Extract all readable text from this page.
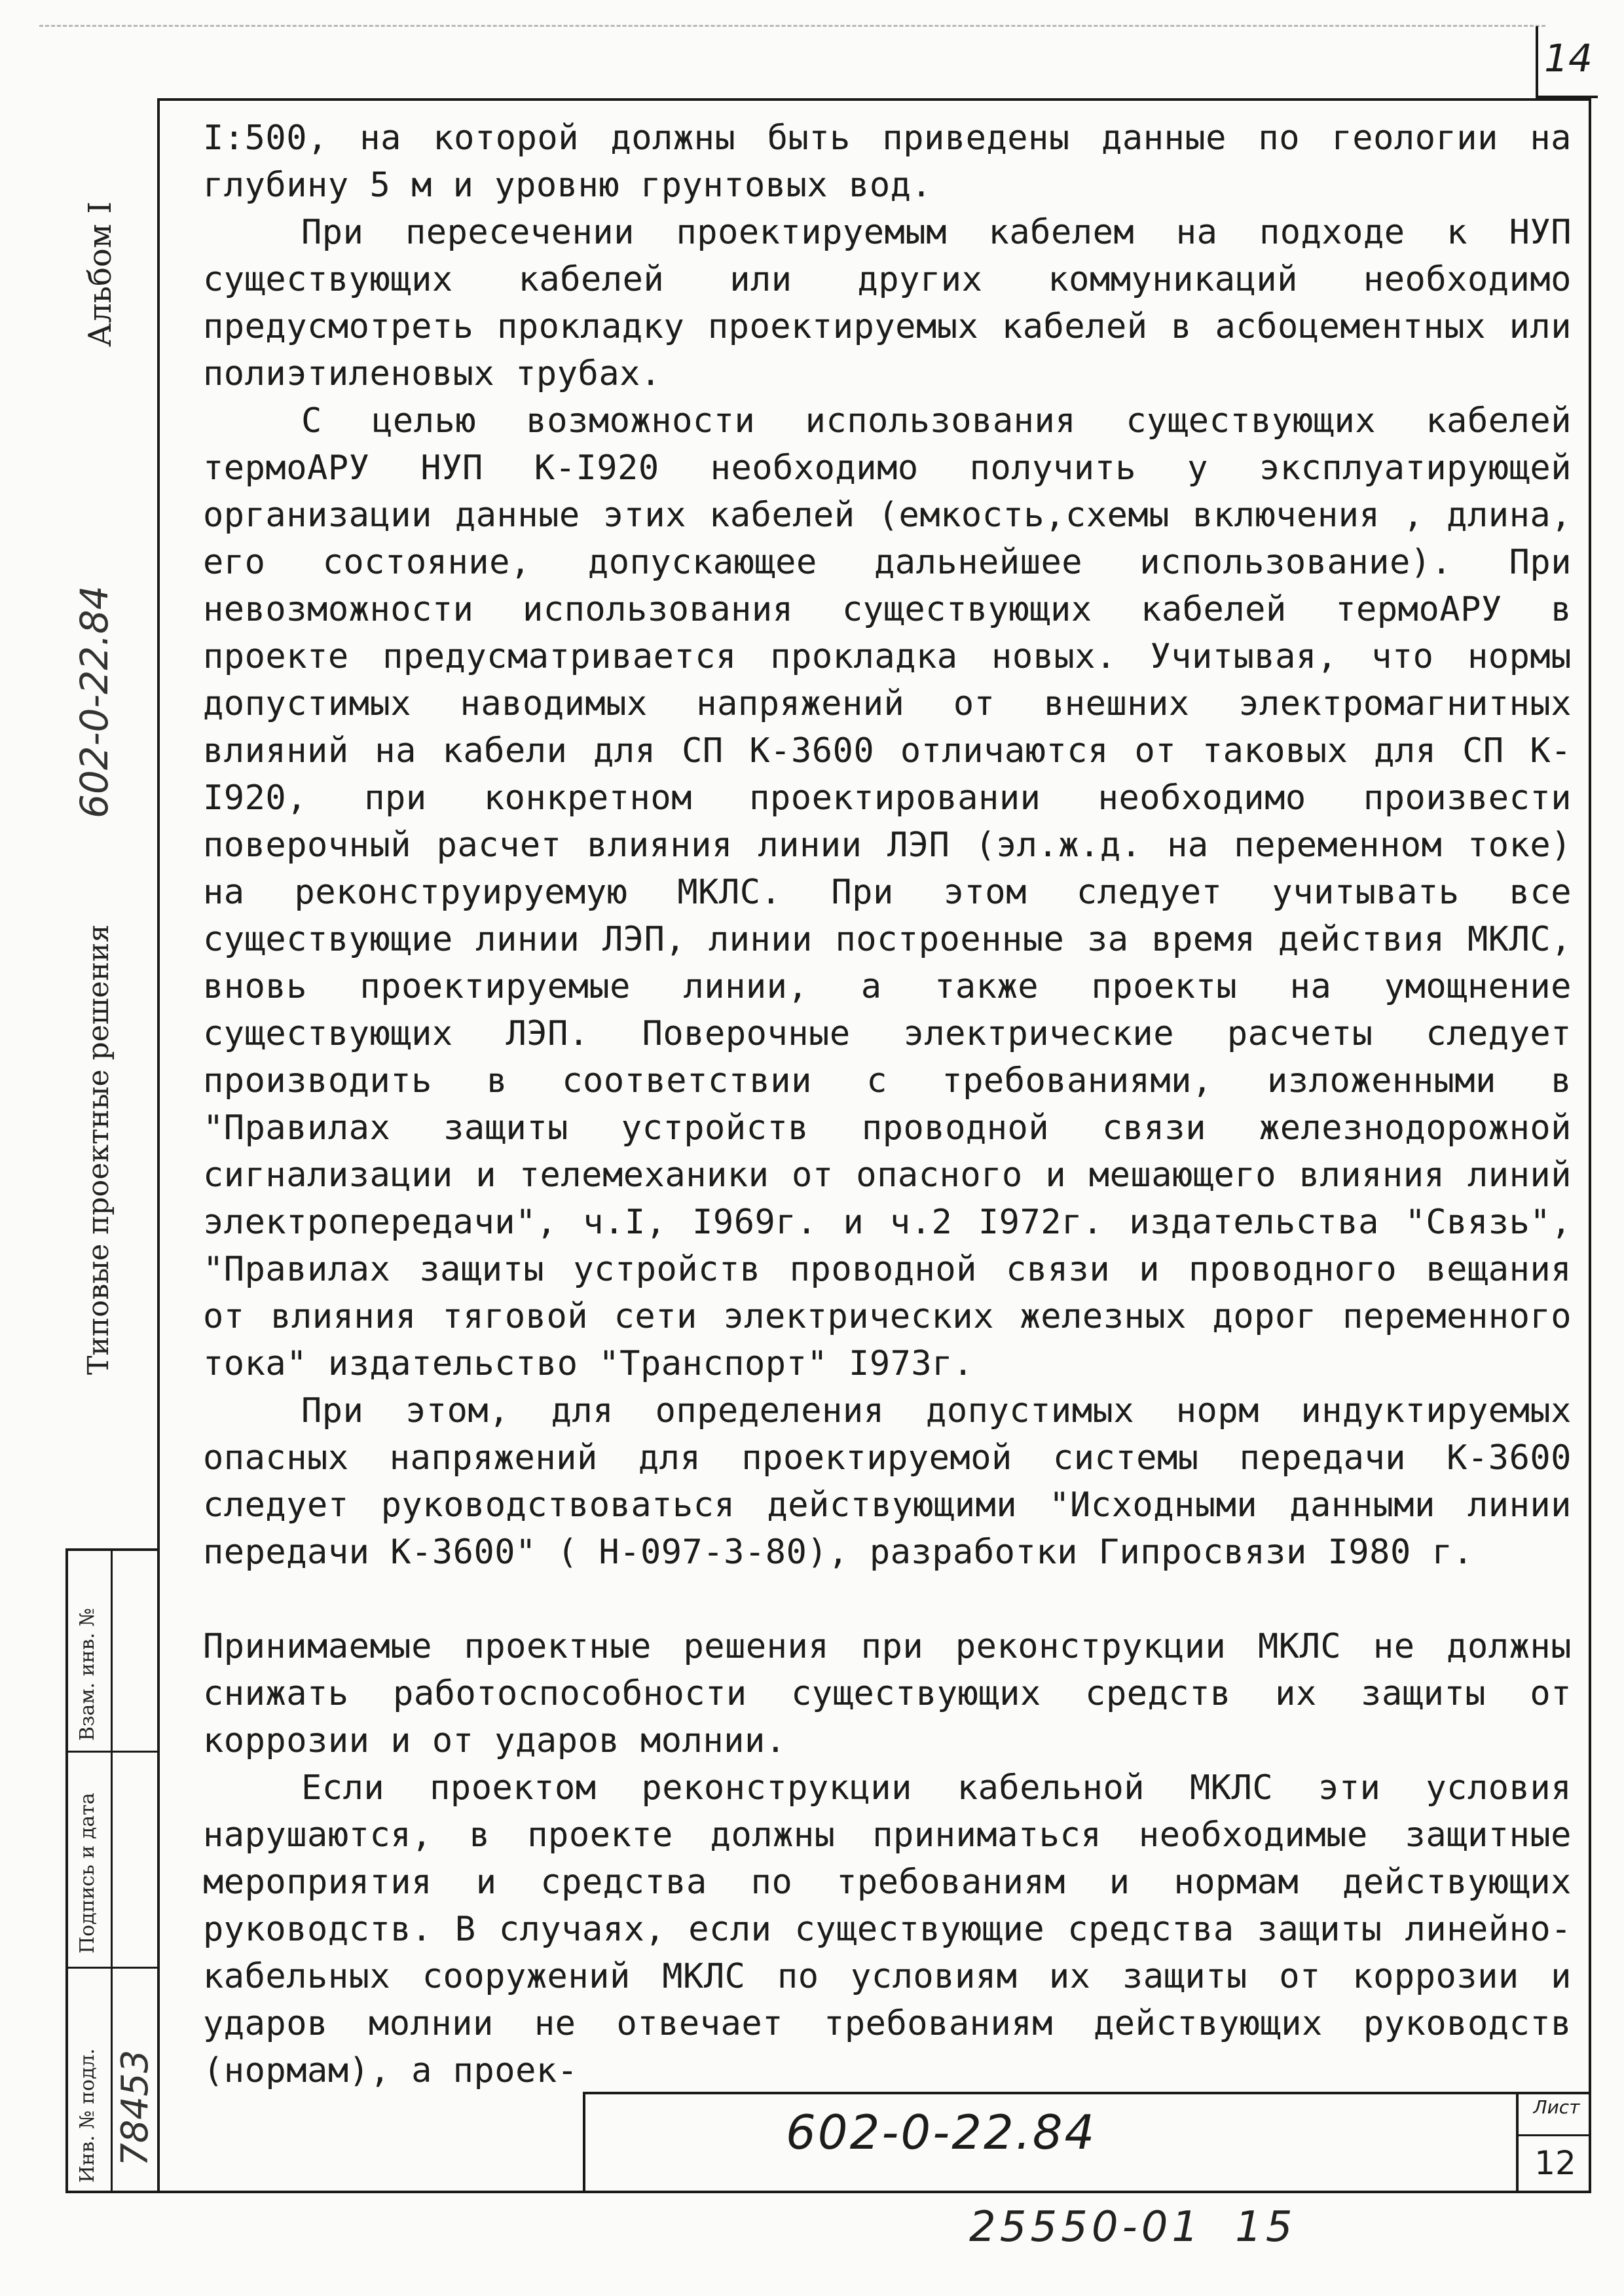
14
Альбом I
602-0-22.84
Типовые проектные решения
Взам. инв. №
Подпись и дата
Инв. № подл. 78453

I:500, на которой должны быть приведены данные по геологии на глубину 5 м и уровню грунтовых вод.

При пересечении проектируемым кабелем на подходе к НУП существующих кабелей или других коммуникаций необходимо предусмотреть прокладку проектируемых кабелей в асбоцементных или полиэтиленовых трубах.

С целью возможности использования существующих кабелей термоАРУ НУП К-I920 необходимо получить у эксплуатирующей организации данные этих кабелей (емкость,схемы включения , длина, его состояние, допускающее дальнейшее использование). При невозможности использования существующих кабелей термоАРУ в проекте предусматривается прокладка новых. Учитывая, что нормы допустимых наводимых напряжений от внешних электромагнитных влияний на кабели для СП К-3600 отличаются от таковых для СП К-I920, при конкретном проектировании необходимо произвести поверочный расчет влияния линии ЛЭП (эл.ж.д. на переменном токе) на реконструируемую МКЛС. При этом следует учитывать все существующие линии ЛЭП, линии построенные за время действия МКЛС, вновь проектируемые линии, а также проекты на умощнение существующих ЛЭП. Поверочные электрические расчеты следует производить в соответствии с требованиями, изложенными в "Правилах защиты устройств проводной связи железнодорожной сигнализации и телемеханики от опасного и мешающего влияния линий электропередачи", ч.I, I969г. и ч.2 I972г. издательства "Связь", "Правилах защиты устройств проводной связи и проводного вещания от влияния тяговой сети электрических железных дорог переменного тока" издательство "Транспорт" I973г.

При этом, для определения допустимых норм индуктируемых опасных напряжений для проектируемой системы передачи К-3600 следует руководствоваться действующими "Исходными данными линии передачи К-3600" ( Н-097-3-80), разработки Гипросвязи I980 г.

Принимаемые проектные решения при реконструкции МКЛС не должны снижать работоспособности существующих средств их защиты от коррозии и от ударов молнии.

Если проектом реконструкции кабельной МКЛС эти условия нарушаются, в проекте должны приниматься необходимые защитные мероприятия и средства по требованиям и нормам действующих руководств. В случаях, если существующие средства защиты линейно-кабельных сооружений МКЛС по условиям их защиты от коррозии и ударов молнии не отвечает требованиям действующих руководств (нормам), а проек-

602-0-22.84	Лист
12
25550-01 15
